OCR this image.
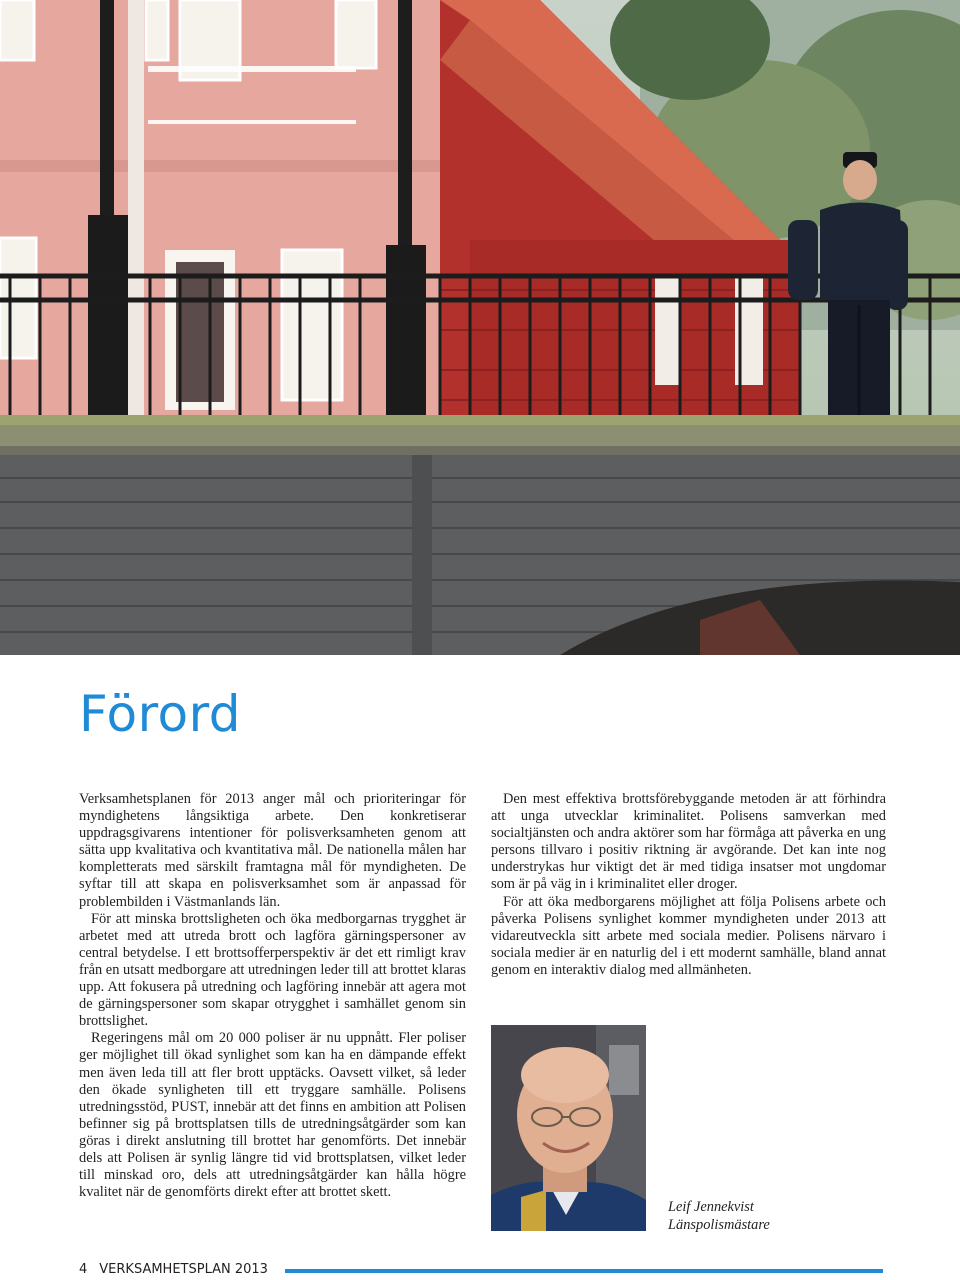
Förord

Verksamhetsplanen för 2013 anger mål och prioriteringar för myndighetens långsiktiga arbete. Den konkretiserar uppdragsgivarens intentioner för polisverksamheten genom att sätta upp kvalitativa och kvantitativa mål. De nationella målen har kompletterats med särskilt framtagna mål för myndigheten. De syftar till att skapa en polisverksamhet som är anpassad för problembilden i Västmanlands län.

För att minska brottsligheten och öka medborgarnas trygghet är arbetet med att utreda brott och lagföra gärningspersoner av central betydelse. I ett brottsofferperspektiv är det ett rimligt krav från en utsatt medborgare att utredningen leder till att brottet klaras upp. Att fokusera på utredning och lagföring innebär att agera mot de gärningspersoner som skapar otrygghet i samhället genom sin brottslighet.

Regeringens mål om 20 000 poliser är nu uppnått. Fler poliser ger möjlighet till ökad synlighet som kan ha en dämpande effekt men även leda till att fler brott upptäcks. Oavsett vilket, så leder den ökade synligheten till ett tryggare samhälle. Polisens utredningsstöd, PUST, innebär att det finns en ambition att Polisen befinner sig på brottsplatsen tills de utredningsåtgärder som kan göras i direkt anslutning till brottet har genomförts. Det innebär dels att Polisen är synlig längre tid vid brottsplatsen, vilket leder till minskad oro, dels att utredningsåtgärder kan hålla högre kvalitet när de genomförts direkt efter att brottet skett.

Den mest effektiva brottsförebyggande metoden är att förhindra att unga utvecklar kriminalitet. Polisens samverkan med socialtjänsten och andra aktörer som har förmåga att påverka en ung persons tillvaro i positiv riktning är avgörande. Det kan inte nog understrykas hur viktigt det är med tidiga insatser mot ungdomar som är på väg in i kriminalitet eller droger.

För att öka medborgarens möjlighet att följa Polisens arbete och påverka Polisens synlighet kommer myndigheten under 2013 att vidareutveckla sitt arbete med sociala medier. Polisens närvaro i sociala medier är en naturlig del i ett modernt samhälle, bland annat genom en interaktiv dialog med allmänheten.

Leif Jennekvist
Länspolismästare
4 VERKSAMHETSPLAN 2013
